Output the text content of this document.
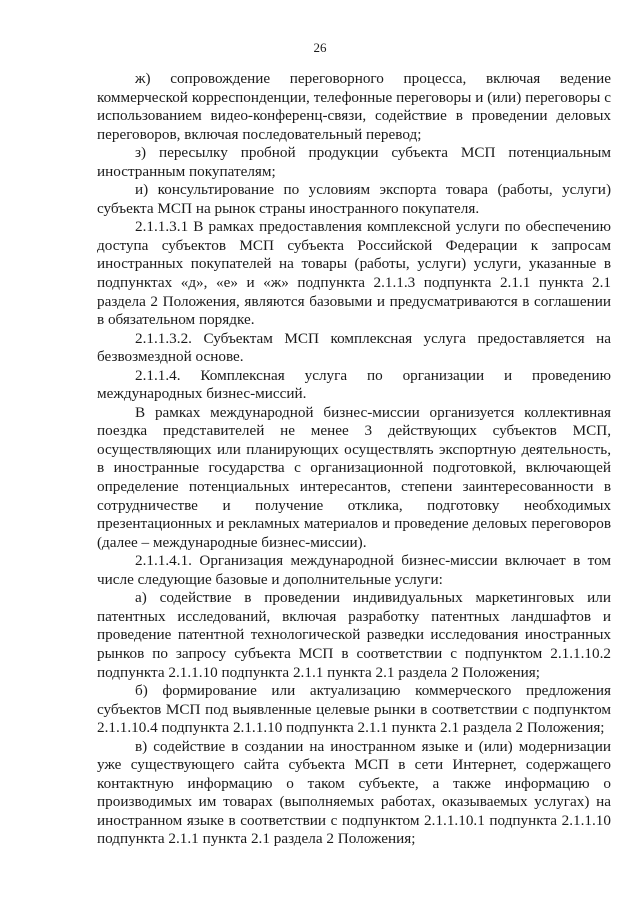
26

ж) сопровождение переговорного процесса, включая ведение коммерческой корреспонденции, телефонные переговоры и (или) переговоры с использованием видео-конференц-связи, содействие в проведении деловых переговоров, включая последовательный перевод;

з) пересылку пробной продукции субъекта МСП потенциальным иностранным покупателям;

и) консультирование по условиям экспорта товара (работы, услуги) субъекта МСП на рынок страны иностранного покупателя.

2.1.1.3.1 В рамках предоставления комплексной услуги по обеспечению доступа субъектов МСП субъекта Российской Федерации к запросам иностранных покупателей на товары (работы, услуги) услуги, указанные в подпунктах «д», «е» и «ж» подпункта 2.1.1.3 подпункта 2.1.1 пункта 2.1 раздела 2 Положения, являются базовыми и предусматриваются в соглашении в обязательном порядке.

2.1.1.3.2. Субъектам МСП комплексная услуга предоставляется на безвозмездной основе.

2.1.1.4. Комплексная услуга по организации и проведению международных бизнес-миссий.

В рамках международной бизнес-миссии организуется коллективная поездка представителей не менее 3 действующих субъектов МСП, осуществляющих или планирующих осуществлять экспортную деятельность, в иностранные государства с организационной подготовкой, включающей определение потенциальных интересантов, степени заинтересованности в сотрудничестве и получение отклика, подготовку необходимых презентационных и рекламных материалов и проведение деловых переговоров (далее – международные бизнес-миссии).

2.1.1.4.1. Организация международной бизнес-миссии включает в том числе следующие базовые и дополнительные услуги:

а) содействие в проведении индивидуальных маркетинговых или патентных исследований, включая разработку патентных ландшафтов и проведение патентной технологической разведки исследования иностранных рынков по запросу субъекта МСП в соответствии с подпунктом 2.1.1.10.2 подпункта 2.1.1.10 подпункта 2.1.1 пункта 2.1 раздела 2 Положения;

б) формирование или актуализацию коммерческого предложения субъектов МСП под выявленные целевые рынки в соответствии с подпунктом 2.1.1.10.4 подпункта 2.1.1.10 подпункта 2.1.1 пункта 2.1 раздела 2 Положения;

в) содействие в создании на иностранном языке и (или) модернизации уже существующего сайта субъекта МСП в сети Интернет, содержащего контактную информацию о таком субъекте, а также информацию о производимых им товарах (выполняемых работах, оказываемых услугах) на иностранном языке в соответствии с подпунктом 2.1.1.10.1 подпункта 2.1.1.10 подпункта 2.1.1 пункта 2.1 раздела 2 Положения;
